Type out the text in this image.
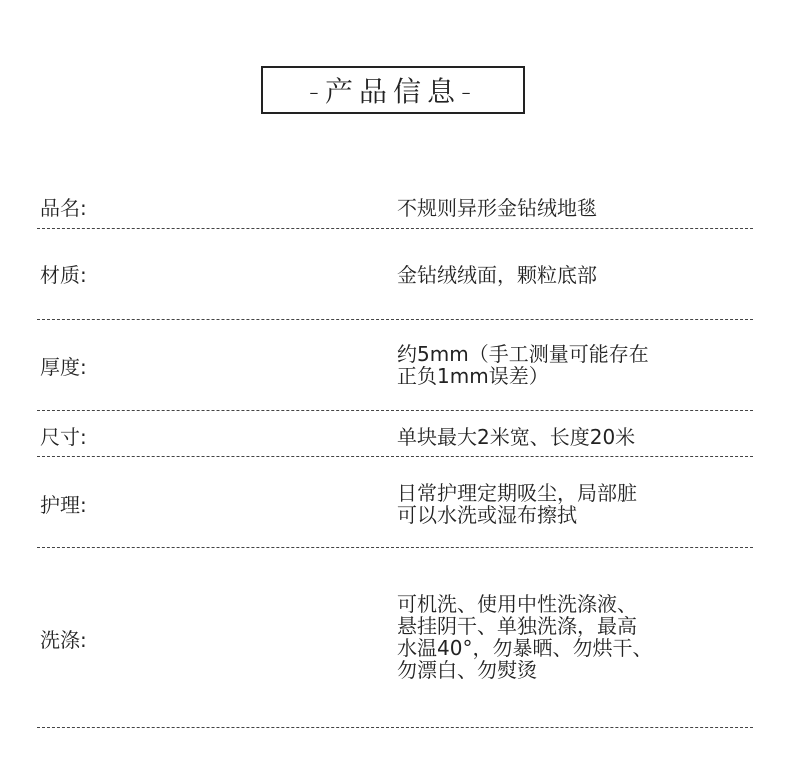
-产品信息-
品名:	不规则异形金钻绒地毯
材质:	金钻绒绒面，颗粒底部
厚度:
约5mm（手工测量可能存在
正负1mm误差）
尺寸:	单块最大2米宽、长度20米
护理:	日常护理定期吸尘，局部脏
可以水洗或湿布擦拭
洗涤:
可机洗、使用中性洗涤液、
悬挂阴干、单独洗涤，最高
水温40°，勿暴晒、勿烘干、
勿漂白、勿熨烫
